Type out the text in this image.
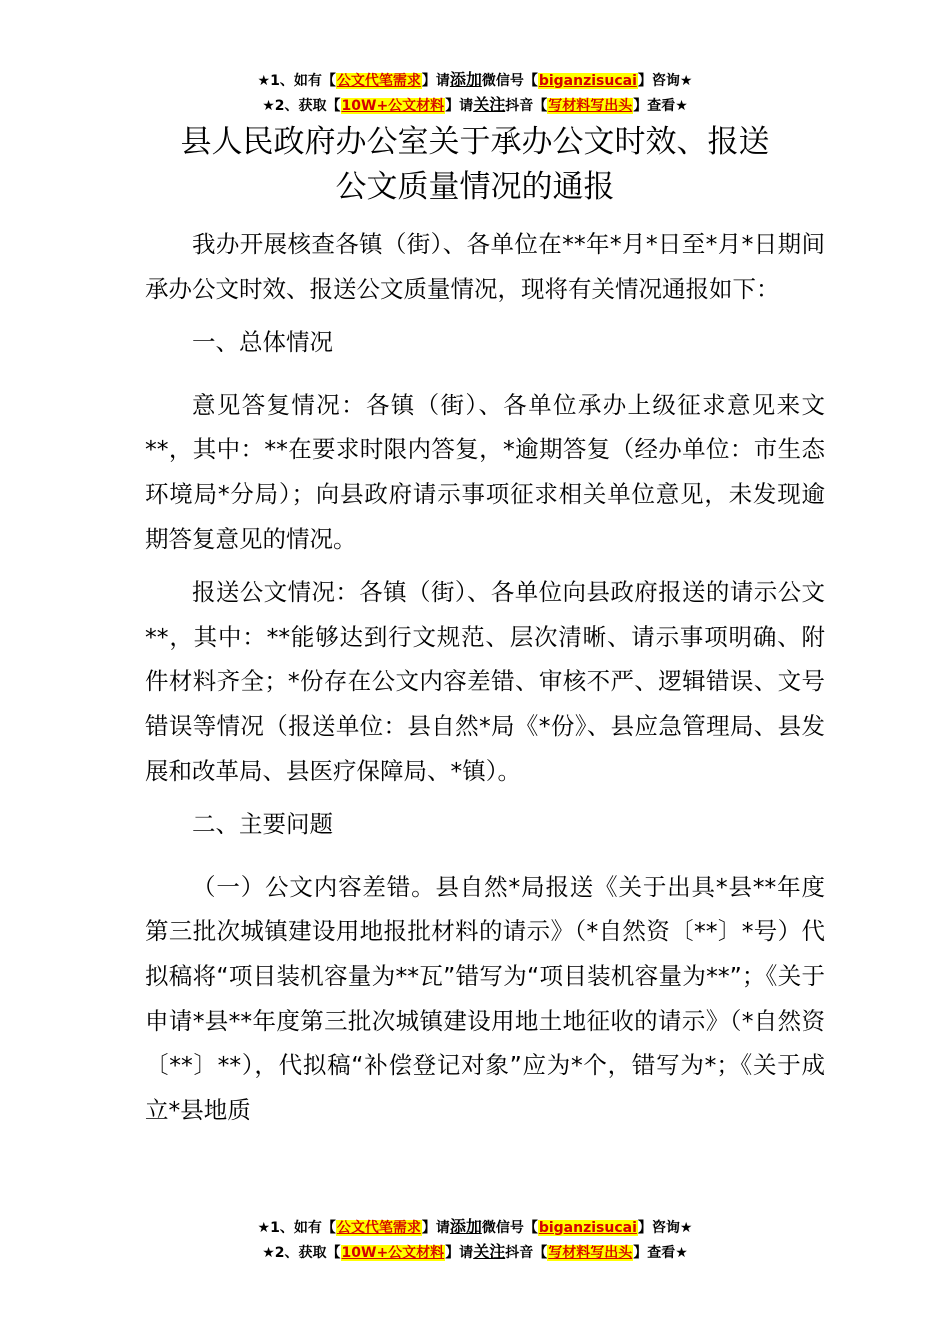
★1、如有【公文代笔需求】请添加微信号【biganzisucai】咨询★
★2、获取【10W+公文材料】请关注抖音【写材料写出头】查看★
县人民政府办公室关于承办公文时效、报送
公文质量情况的通报

我办开展核查各镇（街）、各单位在**年*月*日至*月*日期间承办公文时效、报送公文质量情况，现将有关情况通报如下：

一、总体情况

意见答复情况：各镇（街）、各单位承办上级征求意见来文**，其中：**在要求时限内答复，*逾期答复（经办单位：市生态环境局*分局）；向县政府请示事项征求相关单位意见，未发现逾期答复意见的情况。

报送公文情况：各镇（街）、各单位向县政府报送的请示公文**，其中：**能够达到行文规范、层次清晰、请示事项明确、附件材料齐全；*份存在公文内容差错、审核不严、逻辑错误、文号错误等情况（报送单位：县自然*局《*份》、县应急管理局、县发展和改革局、县医疗保障局、*镇）。

二、主要问题

（一）公文内容差错。县自然*局报送《关于出具*县**年度第三批次城镇建设用地报批材料的请示》（*自然资〔**〕*号）代拟稿将“项目装机容量为**瓦”错写为“项目装机容量为**”；《关于申请*县**年度第三批次城镇建设用地土地征收的请示》（*自然资〔**〕**），代拟稿“补偿登记对象”应为*个，错写为*；《关于成立*县地质

★1、如有【公文代笔需求】请添加微信号【biganzisucai】咨询★
★2、获取【10W+公文材料】请关注抖音【写材料写出头】查看★
